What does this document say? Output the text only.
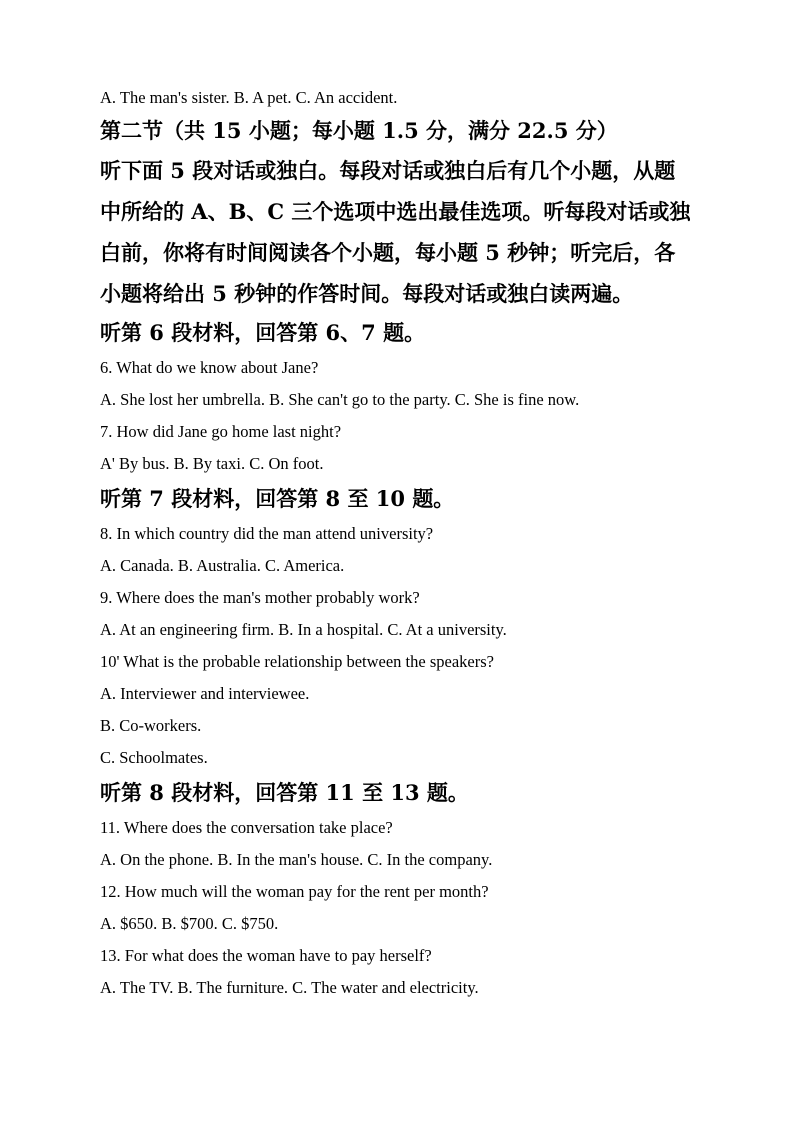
A. The man's sister. B. A pet. C. An accident.
第二节（共 15 小题；每小题 1.5 分，满分 22.5 分）
听下面 5 段对话或独白。每段对话或独白后有几个小题，从题
中所给的 A、B、C 三个选项中选出最佳选项。听每段对话或独
白前，你将有时间阅读各个小题，每小题 5 秒钟；听完后，各
小题将给出 5 秒钟的作答时间。每段对话或独白读两遍。
听第 6 段材料，回答第 6、7 题。
6. What do we know about Jane?
A. She lost her umbrella. B. She can't go to the party. C. She is fine now.
7. How did Jane go home last night?
A' By bus. B. By taxi. C. On foot.
听第 7 段材料，回答第 8 至 10 题。
8. In which country did the man attend university?
A. Canada. B. Australia. C. America.
9. Where does the man's mother probably work?
A. At an engineering firm. B. In a hospital. C. At a university.
10' What is the probable relationship between the speakers?
A. Interviewer and interviewee.
B. Co-workers.
C. Schoolmates.
听第 8 段材料，回答第 11 至 13 题。
11. Where does the conversation take place?
A. On the phone. B. In the man's house. C. In the company.
12. How much will the woman pay for the rent per month?
A. $650. B. $700. C. $750.
13. For what does the woman have to pay herself?
A. The TV. B. The furniture. C. The water and electricity.
